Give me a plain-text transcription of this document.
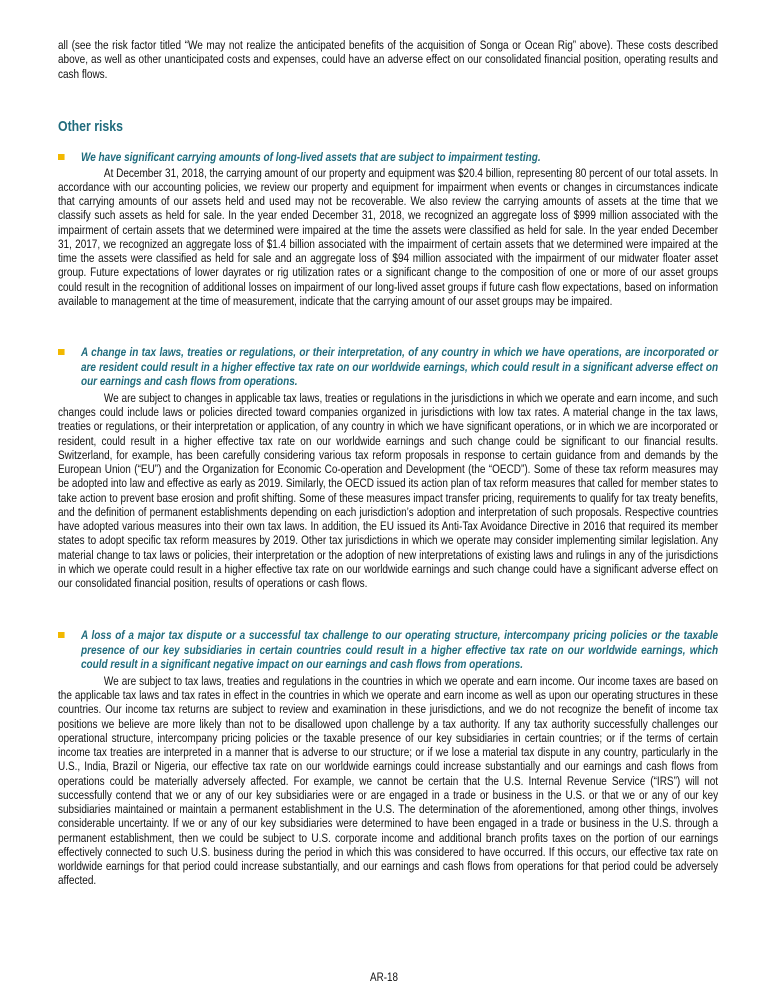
all (see the risk factor titled “We may not realize the anticipated benefits of the acquisition of Songa or Ocean Rig” above). These costs described above, as well as other unanticipated costs and expenses, could have an adverse effect on our consolidated financial position, operating results and cash flows.

Other risks
We have significant carrying amounts of long-lived assets that are subject to impairment testing.

At December 31, 2018, the carrying amount of our property and equipment was $20.4 billion, representing 80 percent of our total assets. In accordance with our accounting policies, we review our property and equipment for impairment when events or changes in circumstances indicate that carrying amounts of our assets held and used may not be recoverable. We also review the carrying amounts of assets at the time that we classify such assets as held for sale. In the year ended December 31, 2018, we recognized an aggregate loss of $999 million associated with the impairment of certain assets that we determined were impaired at the time the assets were classified as held for sale. In the year ended December 31, 2017, we recognized an aggregate loss of $1.4 billion associated with the impairment of certain assets that we determined were impaired at the time the assets were classified as held for sale and an aggregate loss of $94 million associated with the impairment of our midwater floater asset group. Future expectations of lower dayrates or rig utilization rates or a significant change to the composition of one or more of our asset groups could result in the recognition of additional losses on impairment of our long-lived asset groups if future cash flow expectations, based on information available to management at the time of measurement, indicate that the carrying amount of our asset groups may be impaired.

A change in tax laws, treaties or regulations, or their interpretation, of any country in which we have operations, are incorporated or are resident could result in a higher effective tax rate on our worldwide earnings, which could result in a significant adverse effect on our earnings and cash flows from operations.

We are subject to changes in applicable tax laws, treaties or regulations in the jurisdictions in which we operate and earn income, and such changes could include laws or policies directed toward companies organized in jurisdictions with low tax rates. A material change in the tax laws, treaties or regulations, or their interpretation or application, of any country in which we have significant operations, or in which we are incorporated or resident, could result in a higher effective tax rate on our worldwide earnings and such change could be significant to our financial results. Switzerland, for example, has been carefully considering various tax reform proposals in response to certain guidance from and demands by the European Union (“EU”) and the Organization for Economic Co-operation and Development (the “OECD”). Some of these tax reform measures may be adopted into law and effective as early as 2019. Similarly, the OECD issued its action plan of tax reform measures that called for member states to take action to prevent base erosion and profit shifting. Some of these measures impact transfer pricing, requirements to qualify for tax treaty benefits, and the definition of permanent establishments depending on each jurisdiction’s adoption and interpretation of such proposals. Respective countries have adopted various measures into their own tax laws. In addition, the EU issued its Anti-Tax Avoidance Directive in 2016 that required its member states to adopt specific tax reform measures by 2019. Other tax jurisdictions in which we operate may consider implementing similar legislation. Any material change to tax laws or policies, their interpretation or the adoption of new interpretations of existing laws and rulings in any of the jurisdictions in which we operate could result in a higher effective tax rate on our worldwide earnings and such change could have a significant adverse effect on our consolidated financial position, results of operations or cash flows.

A loss of a major tax dispute or a successful tax challenge to our operating structure, intercompany pricing policies or the taxable presence of our key subsidiaries in certain countries could result in a higher effective tax rate on our worldwide earnings, which could result in a significant negative impact on our earnings and cash flows from operations.

We are subject to tax laws, treaties and regulations in the countries in which we operate and earn income. Our income taxes are based on the applicable tax laws and tax rates in effect in the countries in which we operate and earn income as well as upon our operating structures in these countries. Our income tax returns are subject to review and examination in these jurisdictions, and we do not recognize the benefit of income tax positions we believe are more likely than not to be disallowed upon challenge by a tax authority. If any tax authority successfully challenges our operational structure, intercompany pricing policies or the taxable presence of our key subsidiaries in certain countries; or if the terms of certain income tax treaties are interpreted in a manner that is adverse to our structure; or if we lose a material tax dispute in any country, particularly in the U.S., India, Brazil or Nigeria, our effective tax rate on our worldwide earnings could increase substantially and our earnings and cash flows from operations could be materially adversely affected. For example, we cannot be certain that the U.S. Internal Revenue Service (“IRS”) will not successfully contend that we or any of our key subsidiaries were or are engaged in a trade or business in the U.S. or that we or any of our key subsidiaries maintained or maintain a permanent establishment in the U.S. The determination of the aforementioned, among other things, involves considerable uncertainty. If we or any of our key subsidiaries were determined to have been engaged in a trade or business in the U.S. through a permanent establishment, then we could be subject to U.S. corporate income and additional branch profits taxes on the portion of our earnings effectively connected to such U.S. business during the period in which this was considered to have occurred. If this occurs, our effective tax rate on worldwide earnings for that period could increase substantially, and our earnings and cash flows from operations for that period could be adversely affected.

AR-18
